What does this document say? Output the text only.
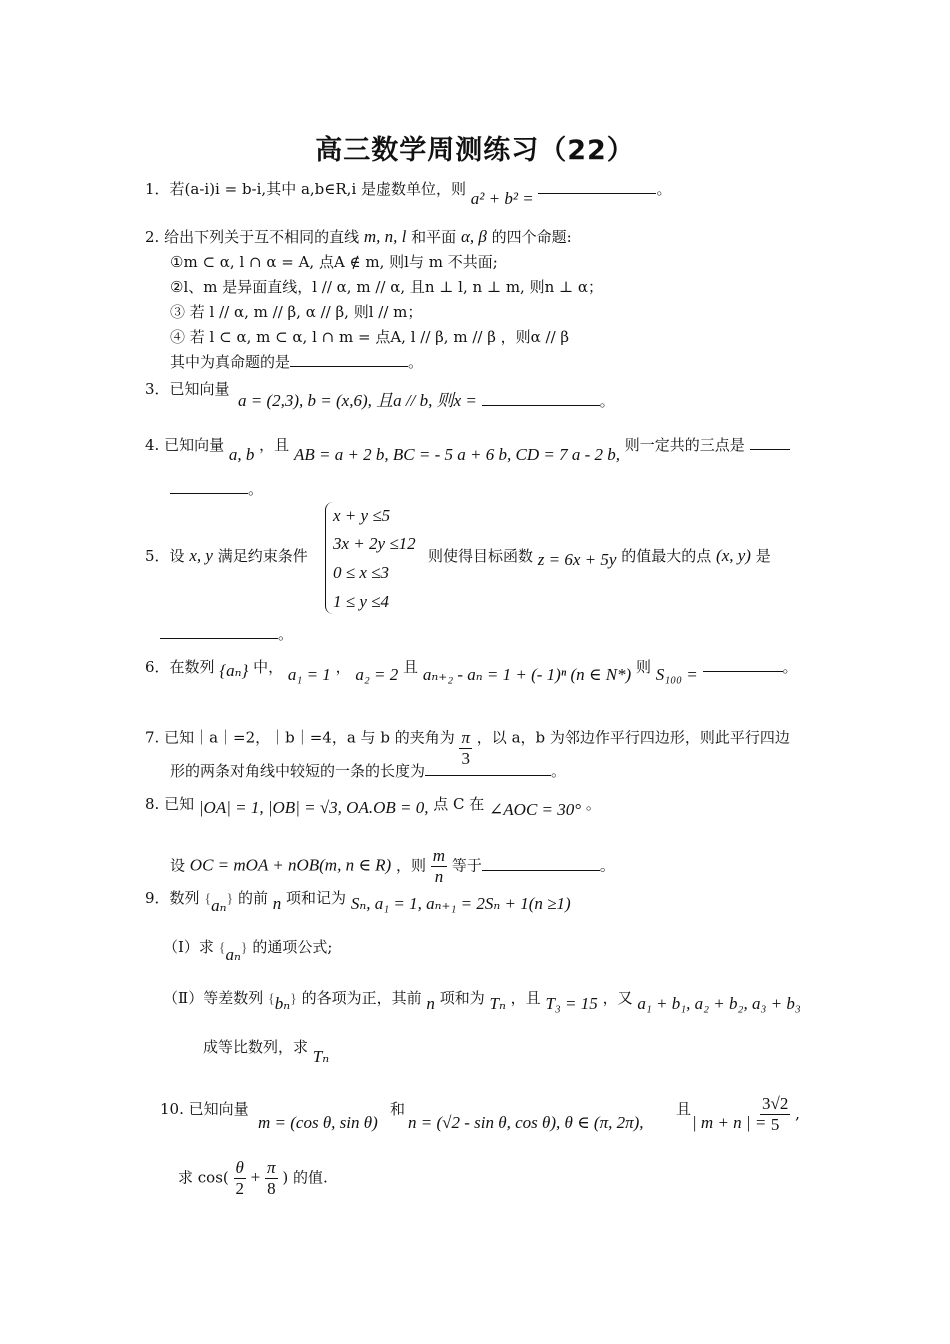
高三数学周测练习（22）
1．若(a-i)i = b-i,其中 a,b∈R,i 是虚数单位，则 a² + b² =	。
2. 给出下列关于互不相同的直线 m, n, l 和平面 α, β 的四个命题:
①m ⊂ α, l ∩ α = A, 点A ∉ m, 则l与 m 不共面;
②l、m 是异面直线，l // α, m // α, 且n ⊥ l, n ⊥ m, 则n ⊥ α；
③ 若 l // α, m // β, α // β, 则l // m；
④ 若 l ⊂ α, m ⊂ α, l ∩ m = 点A, l // β, m // β ，则α // β
其中为真命题的是	。
3．已知向量
a = (2,3), b = (x,6), 且a // b, 则x =	。
4. 已知向量 a, b ，且 AB = a + 2 b, BC = - 5 a + 6 b, CD = 7 a - 2 b, 则一定共的三点是
。
x + y ≤5
3x + 2y ≤12
0 ≤ x ≤3
1 ≤ y ≤4
5．设 x, y 满足约束条件	则使得目标函数 z = 6x + 5y 的值最大的点 (x, y) 是
。
6．在数列 {aₙ} 中， a₁ = 1 ， a₂ = 2 且 aₙ₊₂ - aₙ = 1 + (- 1)ⁿ (n ∈ N*) 则 S₁₀₀ =	。
7. 已知｜a｜=2，｜b｜=4，a 与 b 的夹角为 $\frac{\pi}{3}$ ，以 a，b 为邻边作平行四边形，则此平行四边
形的两条对角线中较短的一条的长度为	。
8. 已知 |OA| = 1, |OB| = √3, OA.OB = 0, 点 C 在 ∠AOC = 30° 。
设 OC = mOA + nOB(m, n ∈ R) ，则 $\frac{m}{n}$ 等于	。
9．数列 {aₙ} 的前 n 项和记为 Sₙ, a₁ = 1, aₙ₊₁ = 2Sₙ + 1(n ≥1)
（Ⅰ）求 {aₙ} 的通项公式;
（Ⅱ）等差数列 {bₙ} 的各项为正，其前 n 项和为 Tₙ ，且 T₃ = 15 ，又 a₁ + b₁, a₂ + b₂, a₃ + b₃
成等比数列，求 Tₙ
10. 已知向量
m = (cos θ, sin θ)
和
n = (√2 - sin θ, cos θ), θ ∈ (π, 2π),
且
| m + n | =
$\frac{3√2}{5}$ ,
求 $\cos( \frac{\theta}{2} + \frac{\pi}{8}$ ) 的值.
